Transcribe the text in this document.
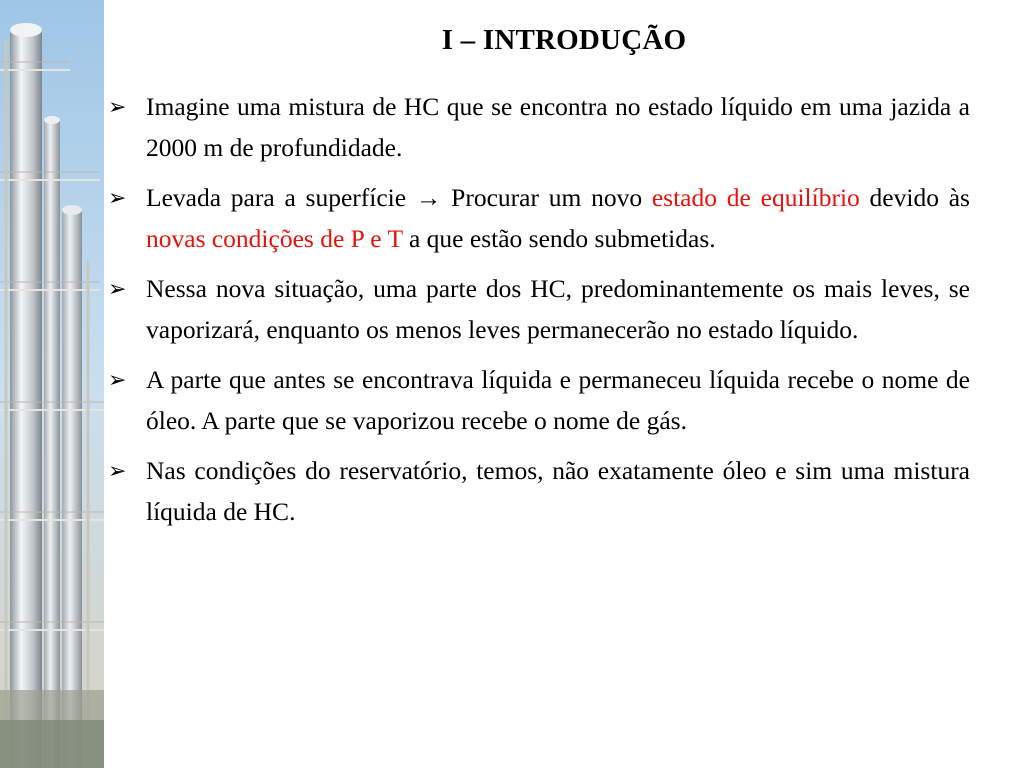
I – INTRODUÇÃO
➢ Imagine uma mistura de HC que se encontra no estado líquido em uma jazida a 2000 m de profundidade.
➢ Levada para a superfície → Procurar um novo estado de equilíbrio devido às novas condições de P e T a que estão sendo submetidas.
➢ Nessa nova situação, uma parte dos HC, predominantemente os mais leves, se vaporizará, enquanto os menos leves permanecerão no estado líquido.
➢ A parte que antes se encontrava líquida e permaneceu líquida recebe o nome de óleo. A parte que se vaporizou recebe o nome de gás.
➢ Nas condições do reservatório, temos, não exatamente óleo e sim uma mistura líquida de HC.
